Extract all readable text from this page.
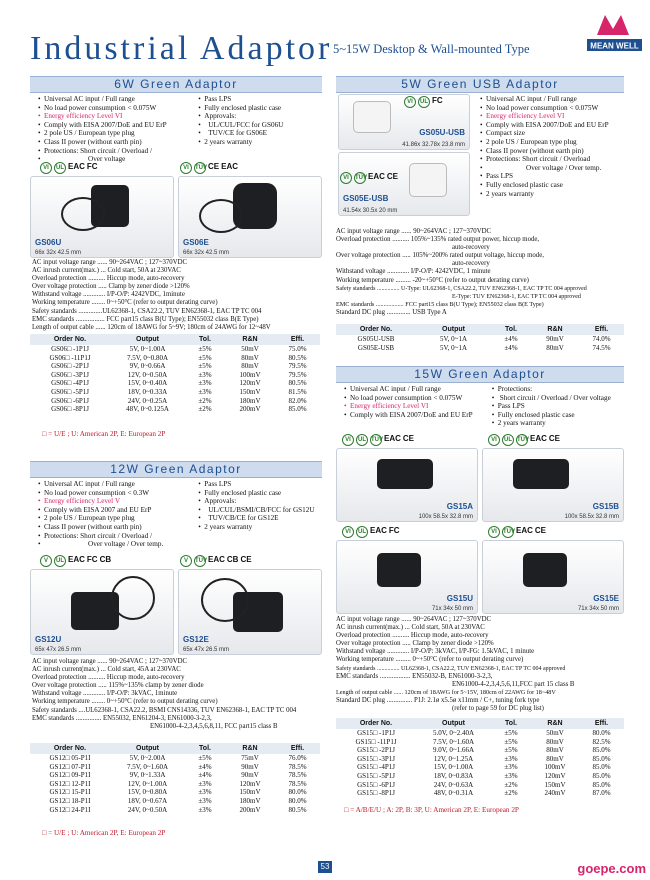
Industrial Adaptor 5~15W Desktop & Wall-mounted Type	MEAN WELL
6W Green Adaptor
• Universal AC input / Full range
• No load power consumption < 0.075W
• Energy efficiency Level VI
• Comply with EISA 2007/DoE and EU ErP
• 2 pole US / European type plug
• Class II power (without earth pin)
• Protections: Short circuit / Overload /
• Over voltage
• Pass LPS
• Fully enclosed plastic case
• Approvals:
• UL/CUL/FCC for GS06U
• TUV/CE for GS06E
• 2 years warranty
VI UL EAC FC	VI TÜVCE EAC
GS06U
66x 32x 42.5 mm
GS06E
66x 32x 42.5 mm
AC input voltage range ...... 90~264VAC ; 127~370VDC
AC inrush current(max.) ... Cold start, 50A at 230VAC
Overload protection .......... Hiccup mode, auto-recovery
Over voltage protection ..... Clamp by zener diode >120%
Withstand voltage ............. I/P-O/P: 4242VDC, 1minute
Working temperature ........ 0~+50°C (refer to output derating curve)
Safety standards ..............UL62368-1, CSA22.2, TUV EN62368-1, EAC TP TC 004
EMC standards ................. FCC part15 class B(U Type); EN55032 class B(E Type)
Length of output cable ...... 120cm of 18AWG for 5~9V; 180cm of 24AWG for 12~48V
Order No.	Output	Tol.	R&N	Effi.
GS06□ -1P1J	5V, 0~1.00A	±5%	50mV	75.0%
GS06□ -11P1J	7.5V, 0~0.80A	±5%	80mV	80.5%
GS06□ -2P1J	9V, 0~0.66A	±5%	80mV	79.5%
GS06□ -3P1J	12V, 0~0.50A	±3%	100mV	79.5%
GS06□ -4P1J	15V, 0~0.40A	±3%	120mV	80.5%
GS06□ -5P1J	18V, 0~0.33A	±3%	150mV	81.5%
GS06□ -6P1J	24V, 0~0.25A	±2%	180mV	82.0%
GS06□ -8P1J	48V, 0~0.125A	±2%	200mV	85.0%
□ = U/E ; U: American 2P, E: European 2P
12W Green Adaptor
• Universal AC input / Full range
• No load power consumption < 0.3W
• Energy efficiency Level V
• Comply with EISA 2007 and EU ErP
• 2 pole US / European type plug
• Class II power (without earth pin)
• Protections: Short circuit / Overload /
• Over voltage / Over temp.
• Pass LPS
• Fully enclosed plastic case
• Approvals:
• UL/CUL/BSMI/CB/FCC for GS12U
• TUV/CB/CE for GS12E
• 2 years warranty
V UL EAC FC CB	V TÜVEAC CB CE
GS12U
65x 47x 26.5 mm
GS12E
65x 47x 26.5 mm
AC input voltage range ...... 90~264VAC ; 127~370VDC
AC inrush current(max.) ... Cold start, 45A at 230VAC
Overload protection .......... Hiccup mode, auto-recovery
Over voltage protection ..... 115%~135% clamp by zener diode
Withstand voltage ............. I/P-O/P: 3kVAC, 1minute
Working temperature ........ 0~+50°C (refer to output derating curve)
Safety standards ....UL62368-1, CSA22.2, BSMI CNS14336, TUV EN62368-1, EAC TP TC 004
EMC standards ............... EN55032, EN61204-3, EN61000-3-2,3,
EN61000-4-2,3,4,5,6,8,11, FCC part15 class B
Order No.	Output	Tol.	R&N	Effi.
GS12□ 05-P1I	5V, 0~2.00A	±5%	75mV	76.0%
GS12□ 07-P1I	7.5V, 0~1.60A	±4%	90mV	78.5%
GS12□ 09-P1I	9V, 0~1.33A	±4%	90mV	78.5%
GS12□ 12-P1I	12V, 0~1.00A	±3%	120mV	78.5%
GS12□ 15-P1I	15V, 0~0.80A	±3%	150mV	80.0%
GS12□ 18-P1I	18V, 0~0.67A	±3%	180mV	80.0%
GS12□ 24-P1I	24V, 0~0.50A	±3%	200mV	80.5%
□ = U/E ; U: American 2P, E: European 2P
5W Green USB Adaptor
GS05U-USB
41.86x 32.78x 23.8 mm
VI UL FC
GS05E-USB
41.54x 30.5x 20 mm
VI TÜVEAC CE
• Universal AC input / Full range
• No load power consumption < 0.075W
• Energy efficiency Level VI
• Comply with EISA 2007/DoE and EU ErP
• Compact size
• 2 pole US / European type plug
• Class II power (without earth pin)
• Protections: Short circuit / Overload
• Over voltage / Over temp.
• Pass LPS
• Fully enclosed plastic case
• 2 years warranty
AC input voltage range ...... 90~264VAC ; 127~370VDC
Overload protection .......... 105%~135% rated output power, hiccup mode,
auto-recovery
Over voltage protection ..... 105%~200% rated output voltage, hiccup mode,
auto-recovery
Withstand voltage ............. I/P-O/P: 4242VDC, 1 minute
Working temperature ......... -20~+50°C (refer to output derating curve)
Safety standards ............... U-Type: UL62368-1, CSA22.2, TUV EN62368-1, EAC TP TC 004 approved
E-Type: TUV EN62368-1, EAC TP TC 004 approved
EMC standards .................. FCC part15 class B(U Type); EN55032 class B(E Type)
Standard DC plug .............. USB Type A
Order No.	Output	Tol.	R&N	Effi.
GS05U-USB	5V, 0~1A	±4%	90mV	74.0%
GS05E-USB	5V, 0~1A	±4%	80mV	74.5%
15W Green Adaptor
• Universal AC input / Full range
• No load power consumption < 0.075W
• Energy efficiency Level VI
• Comply with EISA 2007/DoE and EU ErP
• Protections:
• Short circuit / Overload / Over voltage
• Pass LPS
• Fully enclosed plastic case
• 2 years warranty
VI UL TÜVEAC CE	VI UL TÜVEAC CE
GS15A
100x 58.5x 32.8 mm
GS15B
100x 58.5x 32.8 mm
VI UL EAC FC	VI TÜVEAC CE
GS15U
71x 34x 50 mm
GS15E
71x 34x 50 mm
AC input voltage range ...... 90~264VAC ; 127~370VDC
AC inrush current(max.) ... Cold start, 50A at 230VAC
Overload protection .......... Hiccup mode, auto-recovery
Over voltage protection ..... Clamp by zener diode >120%
Withstand voltage ............. I/P-O/P: 3kVAC, I/P-FG: 1.5kVAC, 1 minute
Working temperature ......... 0~+50°C (refer to output derating curve)
Safety standards ............... UL62368-1, CSA22.2, TUV EN62368-1, EAC TP TC 004 approved
EMC standards .................. EN55032-B, EN61000-3-2,3,
EN61000-4-2,3,4,5,6,11,FCC part 15 class B
Length of output cable ...... 120cm of 18AWG for 5~15V, 180cm of 22AWG for 18~48V
Standard DC plug ............... P1J: 2.1ø x5.5ø x11mm / C+, tuning fork type
(refer to page 59 for DC plug list)
Order No.	Output	Tol.	R&N	Effi.
GS15□ -1P1J	5.0V, 0~2.40A	±5%	50mV	80.0%
GS15□ -11P1J	7.5V, 0~1.60A	±5%	80mV	82.5%
GS15□ -2P1J	9.0V, 0~1.66A	±5%	80mV	85.0%
GS15□ -3P1J	12V, 0~1.25A	±3%	80mV	85.0%
GS15□ -4P1J	15V, 0~1.00A	±3%	100mV	85.0%
GS15□ -5P1J	18V, 0~0.83A	±3%	120mV	85.0%
GS15□ -6P1J	24V, 0~0.63A	±2%	150mV	85.0%
GS15□ -8P1J	48V, 0~0.31A	±2%	240mV	87.0%
□ = A/B/E/U ; A: 2P, B: 3P, U: American 2P, E: European 2P
53	goepe.com
